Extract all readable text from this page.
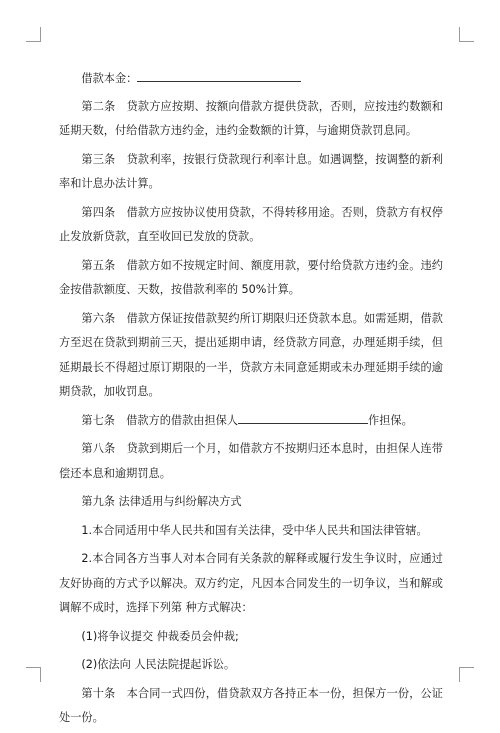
借款本金：

第二条　贷款方应按期、按额向借款方提供贷款，否则，应按违约数额和延期天数，付给借款方违约金，违约金数额的计算，与逾期贷款罚息同。

第三条　贷款利率，按银行贷款现行利率计息。如遇调整，按调整的新利率和计息办法计算。

第四条　借款方应按协议使用贷款，不得转移用途。否则，贷款方有权停止发放新贷款，直至收回已发放的贷款。

第五条　借款方如不按规定时间、额度用款，要付给贷款方违约金。违约金按借款额度、天数，按借款利率的 50%计算。

第六条　借款方保证按借款契约所订期限归还贷款本息。如需延期，借款方至迟在贷款到期前三天，提出延期申请，经贷款方同意，办理延期手续，但延期最长不得超过原订期限的一半，贷款方未同意延期或未办理延期手续的逾期贷款，加收罚息。

第七条　借款方的借款由担保人	作担保。

第八条　贷款到期后一个月，如借款方不按期归还本息时，由担保人连带偿还本息和逾期罚息。

第九条 法律适用与纠纷解决方式

1.本合同适用中华人民共和国有关法律，受中华人民共和国法律管辖。

2.本合同各方当事人对本合同有关条款的解释或履行发生争议时，应通过友好协商的方式予以解决。双方约定，凡因本合同发生的一切争议，当和解或调解不成时，选择下列第 种方式解决：

(1)将争议提交 仲裁委员会仲裁;

(2)依法向 人民法院提起诉讼。

第十条　本合同一式四份，借贷款双方各持正本一份，担保方一份，公证处一份。
